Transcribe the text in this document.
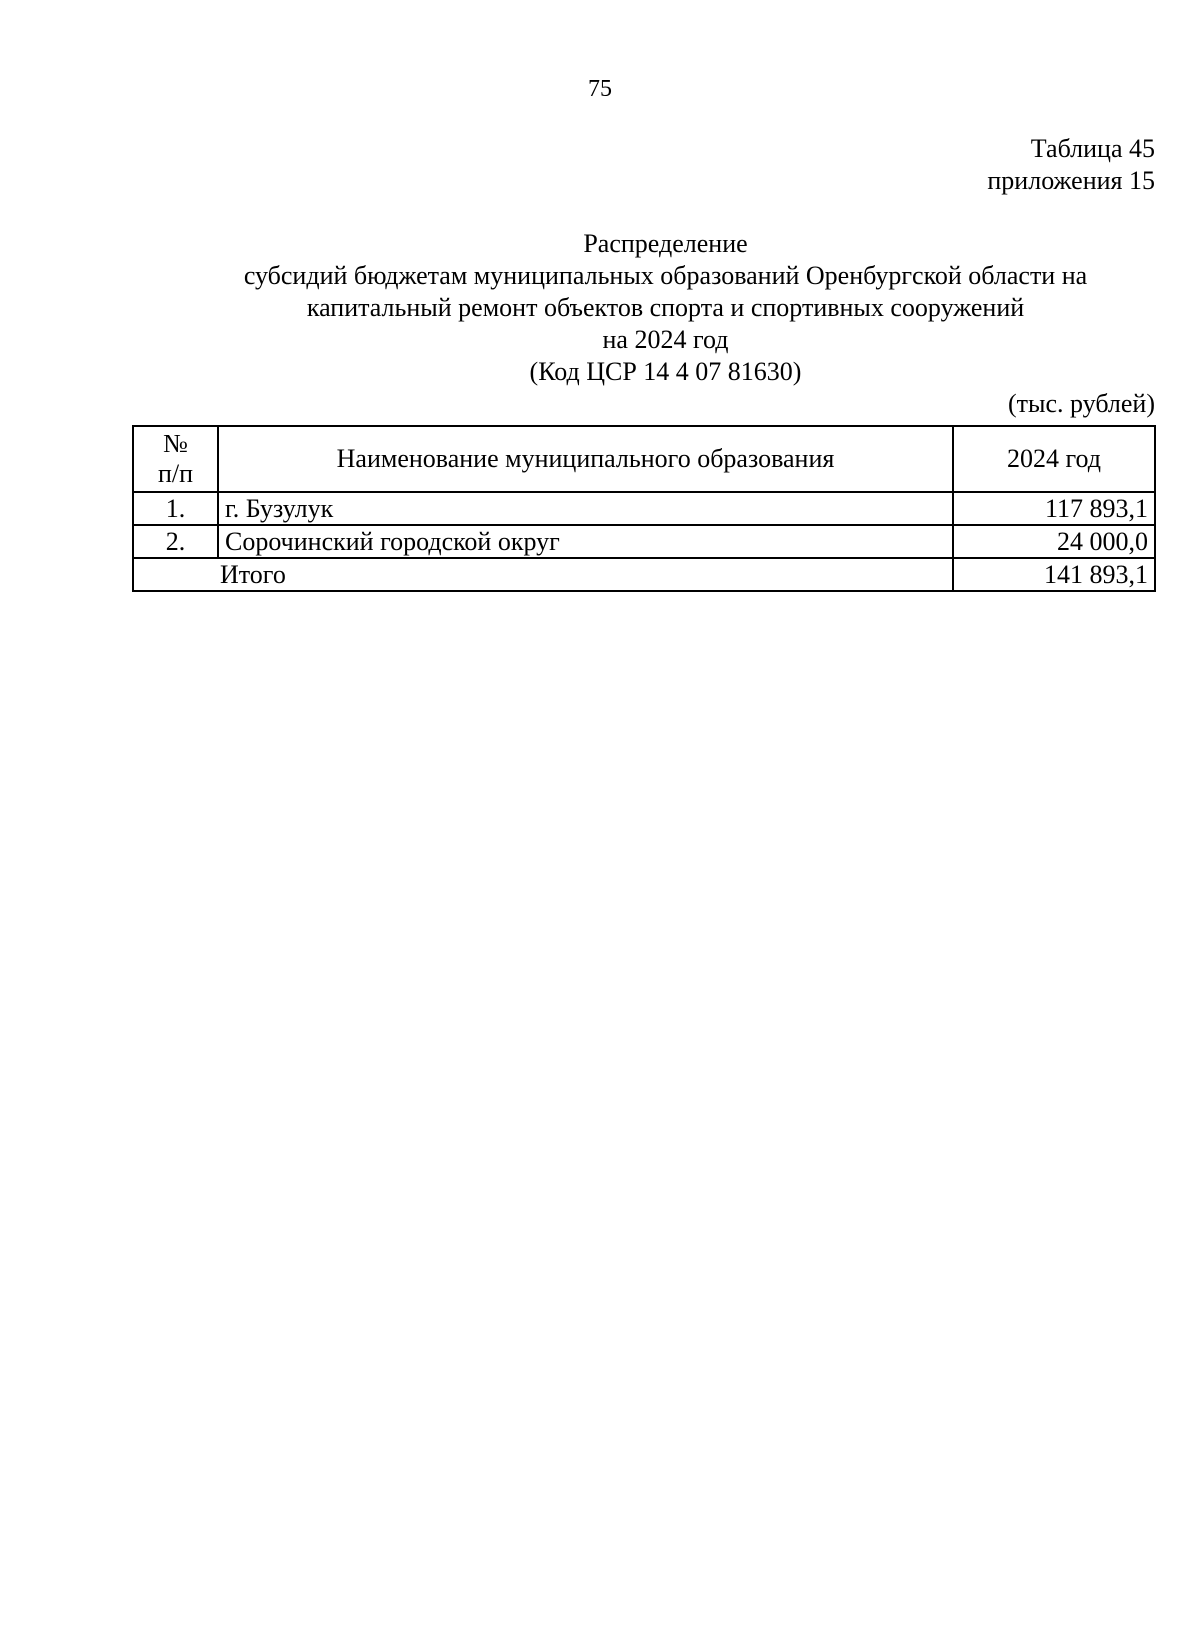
75
Таблица 45
приложения 15
Распределение
субсидий бюджетам муниципальных образований Оренбургской области на
капитальный ремонт объектов спорта и спортивных сооружений
на 2024 год
(Код ЦСР 14 4 07 81630)
(тыс. рублей)
№
п/п	Наименование муниципального образования	2024 год
1.	г. Бузулук	117 893,1
2.	Сорочинский городской округ	24 000,0
Итого		141 893,1
